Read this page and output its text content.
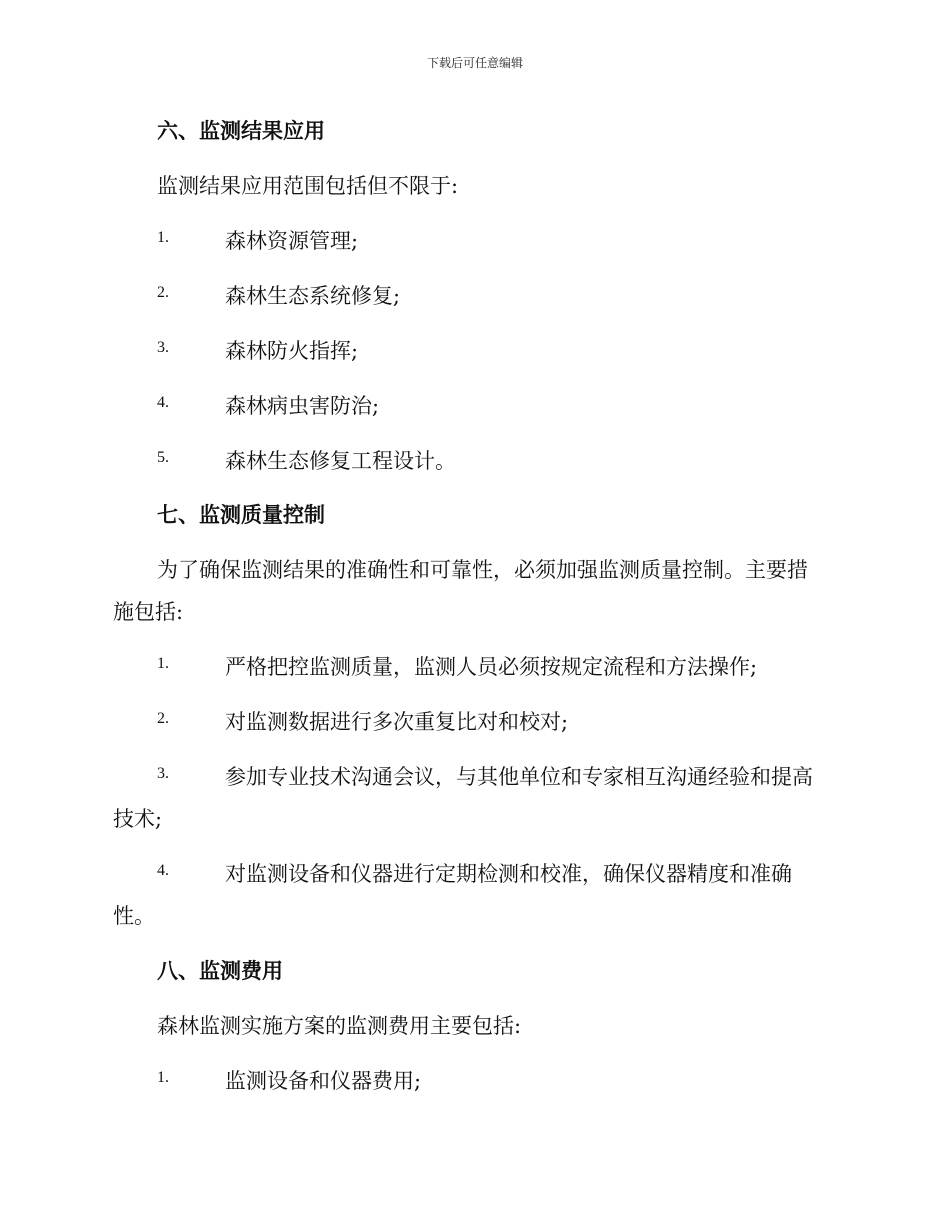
下载后可任意编辑
六、监测结果应用
监测结果应用范围包括但不限于:
1.	森林资源管理;
2.	森林生态系统修复;
3.	森林防火指挥;
4.	森林病虫害防治;
5.	森林生态修复工程设计。
七、监测质量控制
为了确保监测结果的准确性和可靠性，必须加强监测质量控制。主要措
施包括:
1.	严格把控监测质量，监测人员必须按规定流程和方法操作;
2.	对监测数据进行多次重复比对和校对;
3.	参加专业技术沟通会议，与其他单位和专家相互沟通经验和提高
技术;
4.	对监测设备和仪器进行定期检测和校准，确保仪器精度和准确
性。
八、监测费用
森林监测实施方案的监测费用主要包括:
1.	监测设备和仪器费用;
